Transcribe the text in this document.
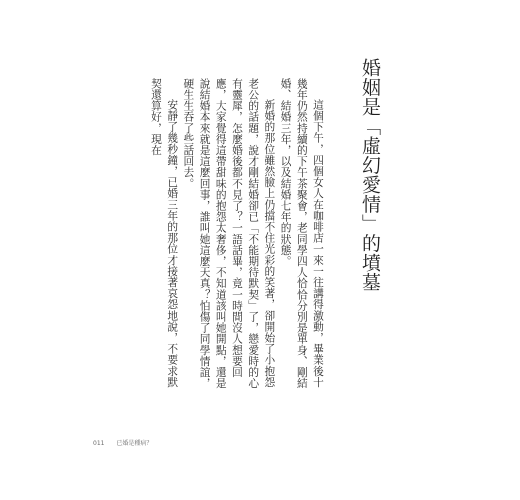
婚姻是「虛幻愛情」的墳墓

這個下午，四個女人在咖啡店一來一往講得激動，畢業後十幾年仍然持續的下午茶聚會，老同學四人恰恰分別是單身、剛結婚、結婚三年，以及結婚七年的狀態。

新婚的那位雖然臉上仍擋不住光彩的笑著，卻開始了小抱怨老公的話題，說才剛結婚卻已「不能期待默契」了，戀愛時的心有靈犀，怎麼婚後都不見了？一語話畢，竟一時間沒人想要回應，大家覺得這帶甜味的抱怨太奢侈，不知道該叫她開點，還是說結婚本來就是這麼回事，誰叫她這麼天真？怕傷了同學情誼，硬生生吞了些話回去。

安靜了幾秒鐘，已婚三年的那位才接著哀怨地說，不要求默契還算好，現在

011 已婚是種病？
